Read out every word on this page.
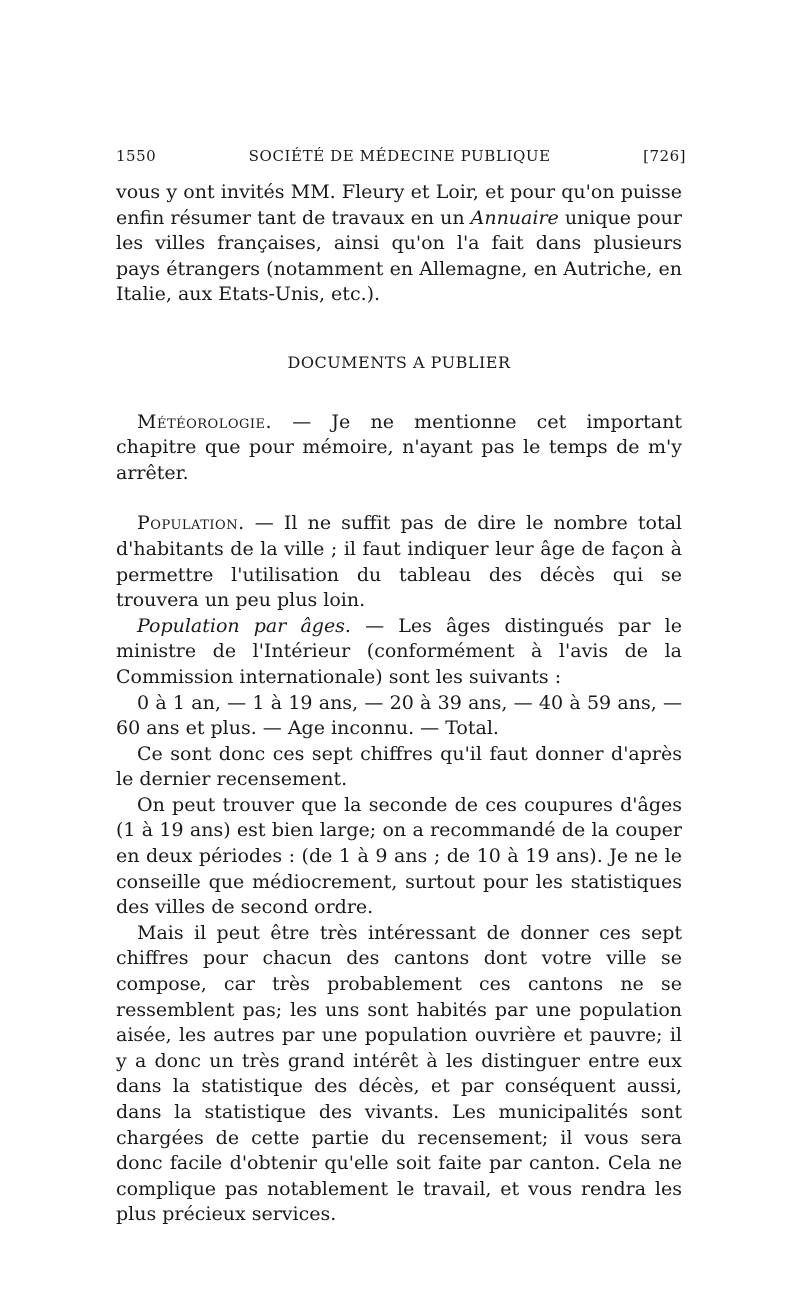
1550	SOCIÉTÉ DE MÉDECINE PUBLIQUE	[726]

vous y ont invités MM. Fleury et Loir, et pour qu'on puisse enfin résumer tant de travaux en un Annuaire unique pour les villes françaises, ainsi qu'on l'a fait dans plusieurs pays étrangers (notamment en Allemagne, en Autriche, en Italie, aux Etats-Unis, etc.).

DOCUMENTS A PUBLIER

Météorologie. — Je ne mentionne cet important chapitre que pour mémoire, n'ayant pas le temps de m'y arrêter.

Population. — Il ne suffit pas de dire le nombre total d'habitants de la ville ; il faut indiquer leur âge de façon à permettre l'utilisation du tableau des décès qui se trouvera un peu plus loin.

Population par âges. — Les âges distingués par le ministre de l'Intérieur (conformément à l'avis de la Commission internationale) sont les suivants :

0 à 1 an, — 1 à 19 ans, — 20 à 39 ans, — 40 à 59 ans, — 60 ans et plus. — Age inconnu. — Total.

Ce sont donc ces sept chiffres qu'il faut donner d'après le dernier recensement.

On peut trouver que la seconde de ces coupures d'âges (1 à 19 ans) est bien large; on a recommandé de la couper en deux périodes : (de 1 à 9 ans ; de 10 à 19 ans). Je ne le conseille que médiocrement, surtout pour les statistiques des villes de second ordre.

Mais il peut être très intéressant de donner ces sept chiffres pour chacun des cantons dont votre ville se compose, car très probablement ces cantons ne se ressemblent pas; les uns sont habités par une population aisée, les autres par une population ouvrière et pauvre; il y a donc un très grand intérêt à les distinguer entre eux dans la statistique des décès, et par conséquent aussi, dans la statistique des vivants. Les municipalités sont chargées de cette partie du recensement; il vous sera donc facile d'obtenir qu'elle soit faite par canton. Cela ne complique pas notablement le travail, et vous rendra les plus précieux services.
